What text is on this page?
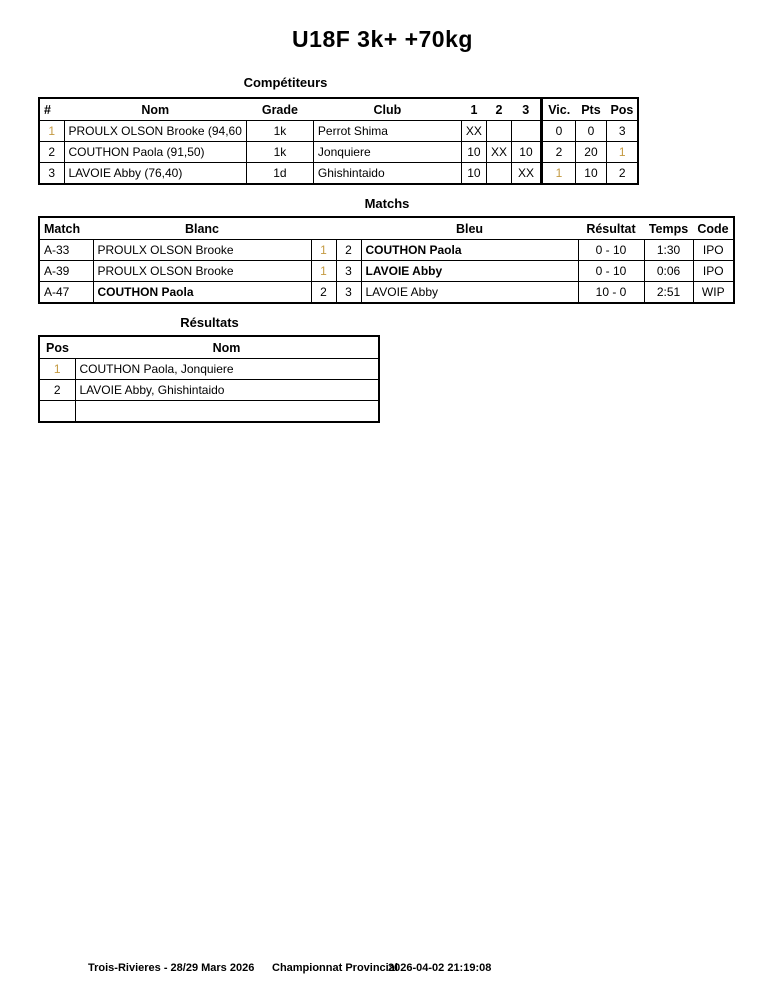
U18F 3k+ +70kg
Compétiteurs
#	Nom	Grade	Club	1	2	3	Vic.	Pts	Pos
1	PROULX OLSON Brooke (94,60	1k	Perrot Shima	XX			0	0	3
2	COUTHON Paola (91,50)	1k	Jonquiere	10	XX	10	2	20	1
3	LAVOIE Abby (76,40)	1d	Ghishintaido	10		XX	1	10	2
Matchs
Match	Blanc			Bleu	Résultat	Temps	Code
A-33	PROULX OLSON Brooke	1	2	COUTHON Paola	0 - 10	1:30	IPO
A-39	PROULX OLSON Brooke	1	3	LAVOIE Abby	0 - 10	0:06	IPO
A-47	COUTHON Paola	2	3	LAVOIE Abby	10 - 0	2:51	WIP
Résultats
Pos	Nom
1	COUTHON Paola, Jonquiere
2	LAVOIE Abby, Ghishintaido

Trois-Rivieres - 28/29 Mars 2026 Championnat Provincial
2026-04-02 21:19:08
